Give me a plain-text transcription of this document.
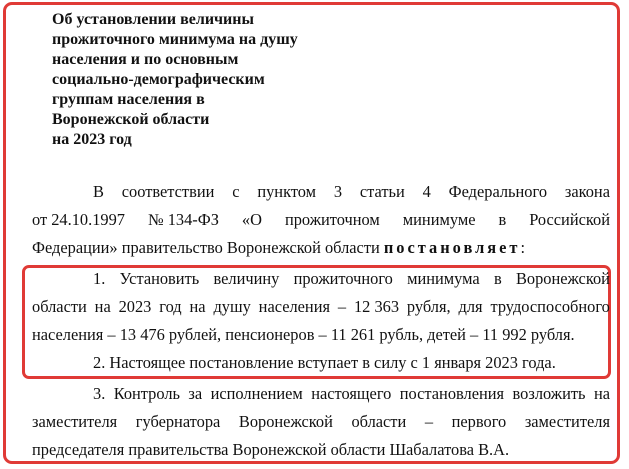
Об установлении величины
прожиточного минимума на душу
населения и по основным
социально-демографическим
группам населения в
Воронежской области
на 2023 год
В соответствии с пунктом 3 статьи 4 Федерального закона
от 24.10.1997 № 134-ФЗ «О прожиточном минимуме в Российской
Федерации» правительство Воронежской области постановляет:
1. Установить величину прожиточного минимума в Воронежской
области на 2023 год на душу населения – 12 363 рубля, для трудоспособного
населения – 13 476 рублей, пенсионеров – 11 261 рубль, детей – 11 992 рубля.
2. Настоящее постановление вступает в силу с 1 января 2023 года.
3. Контроль за исполнением настоящего постановления возложить на
заместителя губернатора Воронежской области – первого заместителя
председателя правительства Воронежской области Шабалатова В.А.
